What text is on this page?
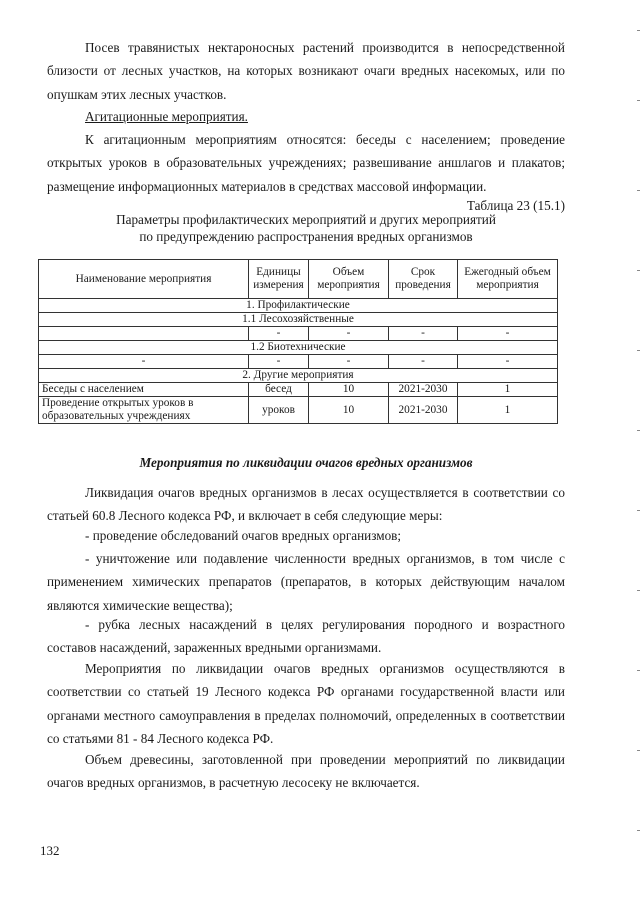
Посев травянистых нектароносных растений производится в непосредственной близости от лесных участков, на которых возникают очаги вредных насекомых, или по опушкам этих лесных участков.

Агитационные мероприятия.

К агитационным мероприятиям относятся: беседы с населением; проведение открытых уроков в образовательных учреждениях; развешивание аншлагов и плакатов; размещение информационных материалов в средствах массовой информации.

Таблица 23 (15.1)
Параметры профилактических мероприятий и других мероприятий
по предупреждению распространения вредных организмов
Наименование мероприятия	Единицы измерения	Объем мероприятия	Срок проведения	Ежегодный объем мероприятия
1. Профилактические				
1.1 Лесохозяйственные				
	-	-	-	-
1.2 Биотехнические				
-	-	-	-	-
2. Другие мероприятия				
Беседы с населением	бесед	10	2021-2030	1
Проведение открытых уроков в образовательных учреждениях	уроков	10	2021-2030	1
Мероприятия по ликвидации очагов вредных организмов

Ликвидация очагов вредных организмов в лесах осуществляется в соответствии со статьей 60.8 Лесного кодекса РФ, и включает в себя следующие меры:

- проведение обследований очагов вредных организмов;

- уничтожение или подавление численности вредных организмов, в том числе с применением химических препаратов (препаратов, в которых действующим началом являются химические вещества);

- рубка лесных насаждений в целях регулирования породного и возрастного составов насаждений, зараженных вредными организмами.

Мероприятия по ликвидации очагов вредных организмов осуществляются в соответствии со статьей 19 Лесного кодекса РФ органами государственной власти или органами местного самоуправления в пределах полномочий, определенных в соответствии со статьями 81 - 84 Лесного кодекса РФ.

Объем древесины, заготовленной при проведении мероприятий по ликвидации очагов вредных организмов, в расчетную лесосеку не включается.

132
